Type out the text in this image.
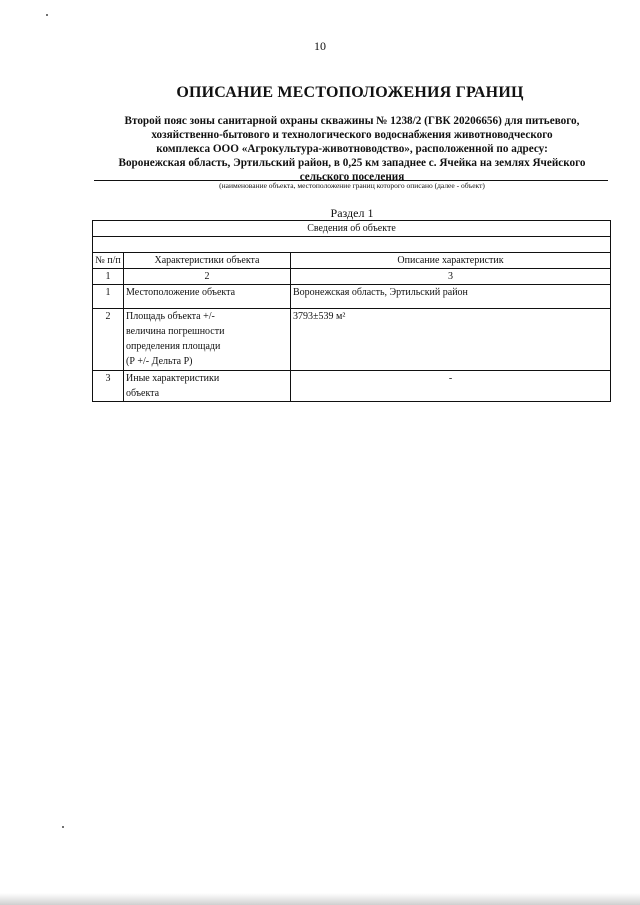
10
ОПИСАНИЕ МЕСТОПОЛОЖЕНИЯ ГРАНИЦ
Второй пояс зоны санитарной охраны скважины № 1238/2 (ГВК 20206656) для питьевого,
хозяйственно-бытового и технологического водоснабжения животноводческого
комплекса ООО «Агрокультура-животноводство», расположенной по адресу:
Воронежская область, Эртильский район, в 0,25 км западнее с. Ячейка на землях Ячейского
сельского поселения
(наименование объекта, местоположение границ которого описано (далее - объект)
Раздел 1
Сведения об объекте		

№ п/п	Характеристики объекта	Описание характеристик
1	2	3
1	Местоположение объекта	Воронежская область, Эртильский район
2	Площадь объекта +/-
величина погрешности
определения площади
(Р +/- Дельта Р)	3793±539 м²
3	Иные характеристики
объекта	-
